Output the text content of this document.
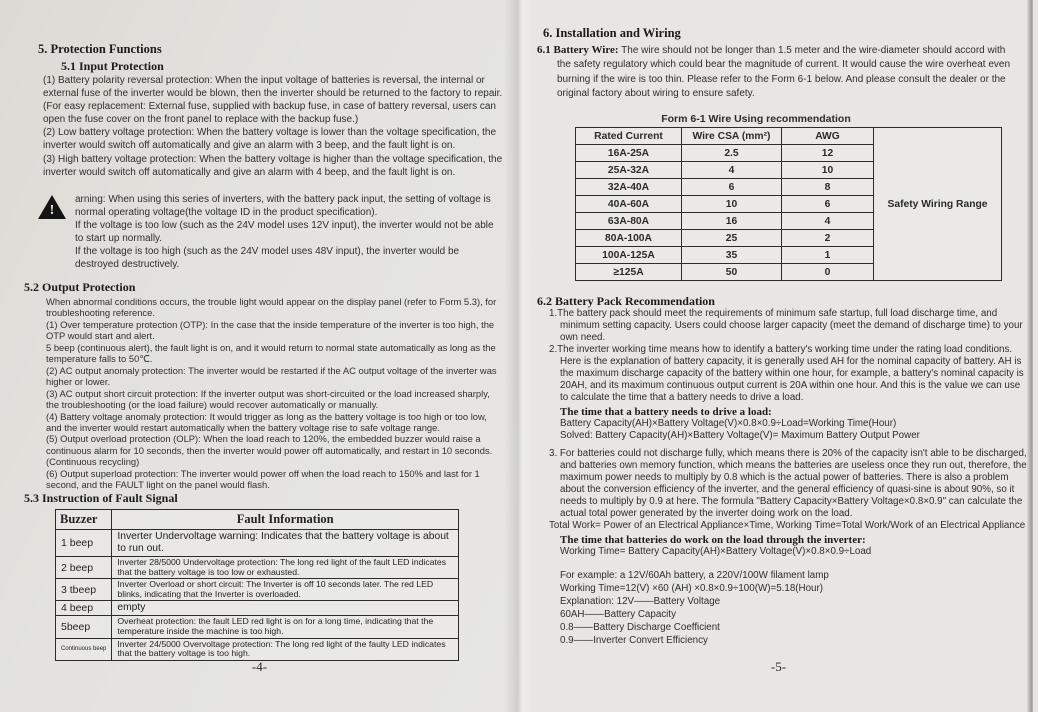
5. Protection Functions
5.1 Input Protection

(1) Battery polarity reversal protection: When the input voltage of batteries is reversal, the internal or external fuse of the inverter would be blown, then the inverter should be returned to the factory to repair. (For easy replacement: External fuse, supplied with backup fuse, in case of battery reversal, users can open the fuse cover on the front panel to replace with the backup fuse.)

(2) Low battery voltage protection: When the battery voltage is lower than the voltage specification, the inverter would switch off automatically and give an alarm with 3 beep, and the fault light is on.

(3) High battery voltage protection: When the battery voltage is higher than the voltage specification, the inverter would switch off automatically and give an alarm with 4 beep, and the fault light is on.

!

arning: When using this series of inverters, with the battery pack input, the setting of voltage is normal operating voltage(the voltage ID in the product specification).

If the voltage is too low (such as the 24V model uses 12V input), the inverter would not be able to start up normally.

If the voltage is too high (such as the 24V model uses 48V input), the inverter would be destroyed destructively.

5.2 Output Protection

When abnormal conditions occurs, the trouble light would appear on the display panel (refer to Form 5.3), for troubleshooting reference.

(1) Over temperature protection (OTP): In the case that the inside temperature of the inverter is too high, the OTP would start and alert.

5 beep (continuous alert), the fault light is on, and it would return to normal state automatically as long as the temperature falls to 50℃.

(2) AC output anomaly protection: The inverter would be restarted if the AC output voltage of the inverter was higher or lower.

(3) AC output short circuit protection: If the inverter output was short-circuited or the load increased sharply, the troubleshooting (or the load failure) would recover automatically or manually.

(4) Battery voltage anomaly protection: It would trigger as long as the battery voltage is too high or too low, and the inverter would restart automatically when the battery voltage rise to safe voltage range.

(5) Output overload protection (OLP): When the load reach to 120%, the embedded buzzer would raise a continuous alarm for 10 seconds, then the inverter would power off automatically, and restart in 10 seconds. (Continuous recycling)

(6) Output superload protection: The inverter would power off when the load reach to 150% and last for 1 second, and the FAULT light on the panel would flash.

5.3 Instruction of Fault Signal
Buzzer	Fault Information
1 beep	Inverter Undervoltage warning: Indicates that the battery voltage is about to run out.
2 beep	Inverter 28/5000 Undervoltage protection: The long red light of the fault LED indicates that the battery voltage is too low or exhausted.
3 tbeep	Inverter Overload or short circuit: The Inverter is off 10 seconds later. The red LED blinks, indicating that the Inverter is overloaded.
4 beep	empty
5beep	Overheat protection: the fault LED red light is on for a long time, indicating that the temperature inside the machine is too high.
Continuous beep	Inverter 24/5000 Overvoltage protection: The long red light of the faulty LED indicates that the battery voltage is too high.
-4-
6. Installation and Wiring
6.1 Battery Wire: The wire should not be longer than 1.5 meter and the wire-diameter should accord with the safety regulatory which could bear the magnitude of current. It would cause the wire overheat even burning if the wire is too thin. Please refer to the Form 6-1 below. And please consult the dealer or the original factory about wiring to ensure safety.
Form 6-1 Wire Using recommendation
Rated Current	Wire CSA (mm²)	AWG	Safety Wiring Range
16A-25A	2.5	12	
25A-32A	4	10	
32A-40A	6	8	
40A-60A	10	6	
63A-80A	16	4	
80A-100A	25	2	
100A-125A	35	1	
≥125A	50	0	
6.2 Battery Pack Recommendation

1.The battery pack should meet the requirements of minimum safe startup, full load discharge time, and minimum setting capacity. Users could choose larger capacity (meet the demand of discharge time) to your own need.

2.The inverter working time means how to identify a battery's working time under the rating load conditions. Here is the explanation of battery capacity, it is generally used AH for the nominal capacity of battery. AH is the maximum discharge capacity of the battery within one hour, for example, a battery's nominal capacity is 20AH, and its maximum continuous output current is 20A within one hour. And this is the value we can use to calculate the time that a battery needs to drive a load.

The time that a battery needs to drive a load:

Battery Capacity(AH)×Battery Voltage(V)×0.8×0.9÷Load=Working Time(Hour)

Solved: Battery Capacity(AH)×Battery Voltage(V)= Maximum Battery Output Power

3. For batteries could not discharge fully, which means there is 20% of the capacity isn't able to be discharged, and batteries own memory function, which means the batteries are useless once they run out, therefore, the maximum power needs to multiply by 0.8 which is the actual power of batteries. There is also a problem about the conversion efficiency of the inverter, and the general efficiency of quasi-sine is about 90%, so it needs to multiply by 0.9 at here. The formula "Battery Capacity×Battery Voltage×0.8×0.9" can calculate the actual total power generated by the inverter doing work on the load.

Total Work= Power of an Electrical Appliance×Time, Working Time=Total Work/Work of an Electrical Appliance

The time that batteries do work on the load through the inverter:

Working Time= Battery Capacity(AH)×Battery Voltage(V)×0.8×0.9÷Load

For example: a 12V/60Ah battery, a 220V/100W filament lamp
Working Time=12(V) ×60 (AH) ×0.8×0.9÷100(W)=5.18(Hour)
Explanation: 12V——Battery Voltage
60AH——Battery Capacity
0.8——Battery Discharge Coefficient
0.9——Inverter Convert Efficiency
-5-
